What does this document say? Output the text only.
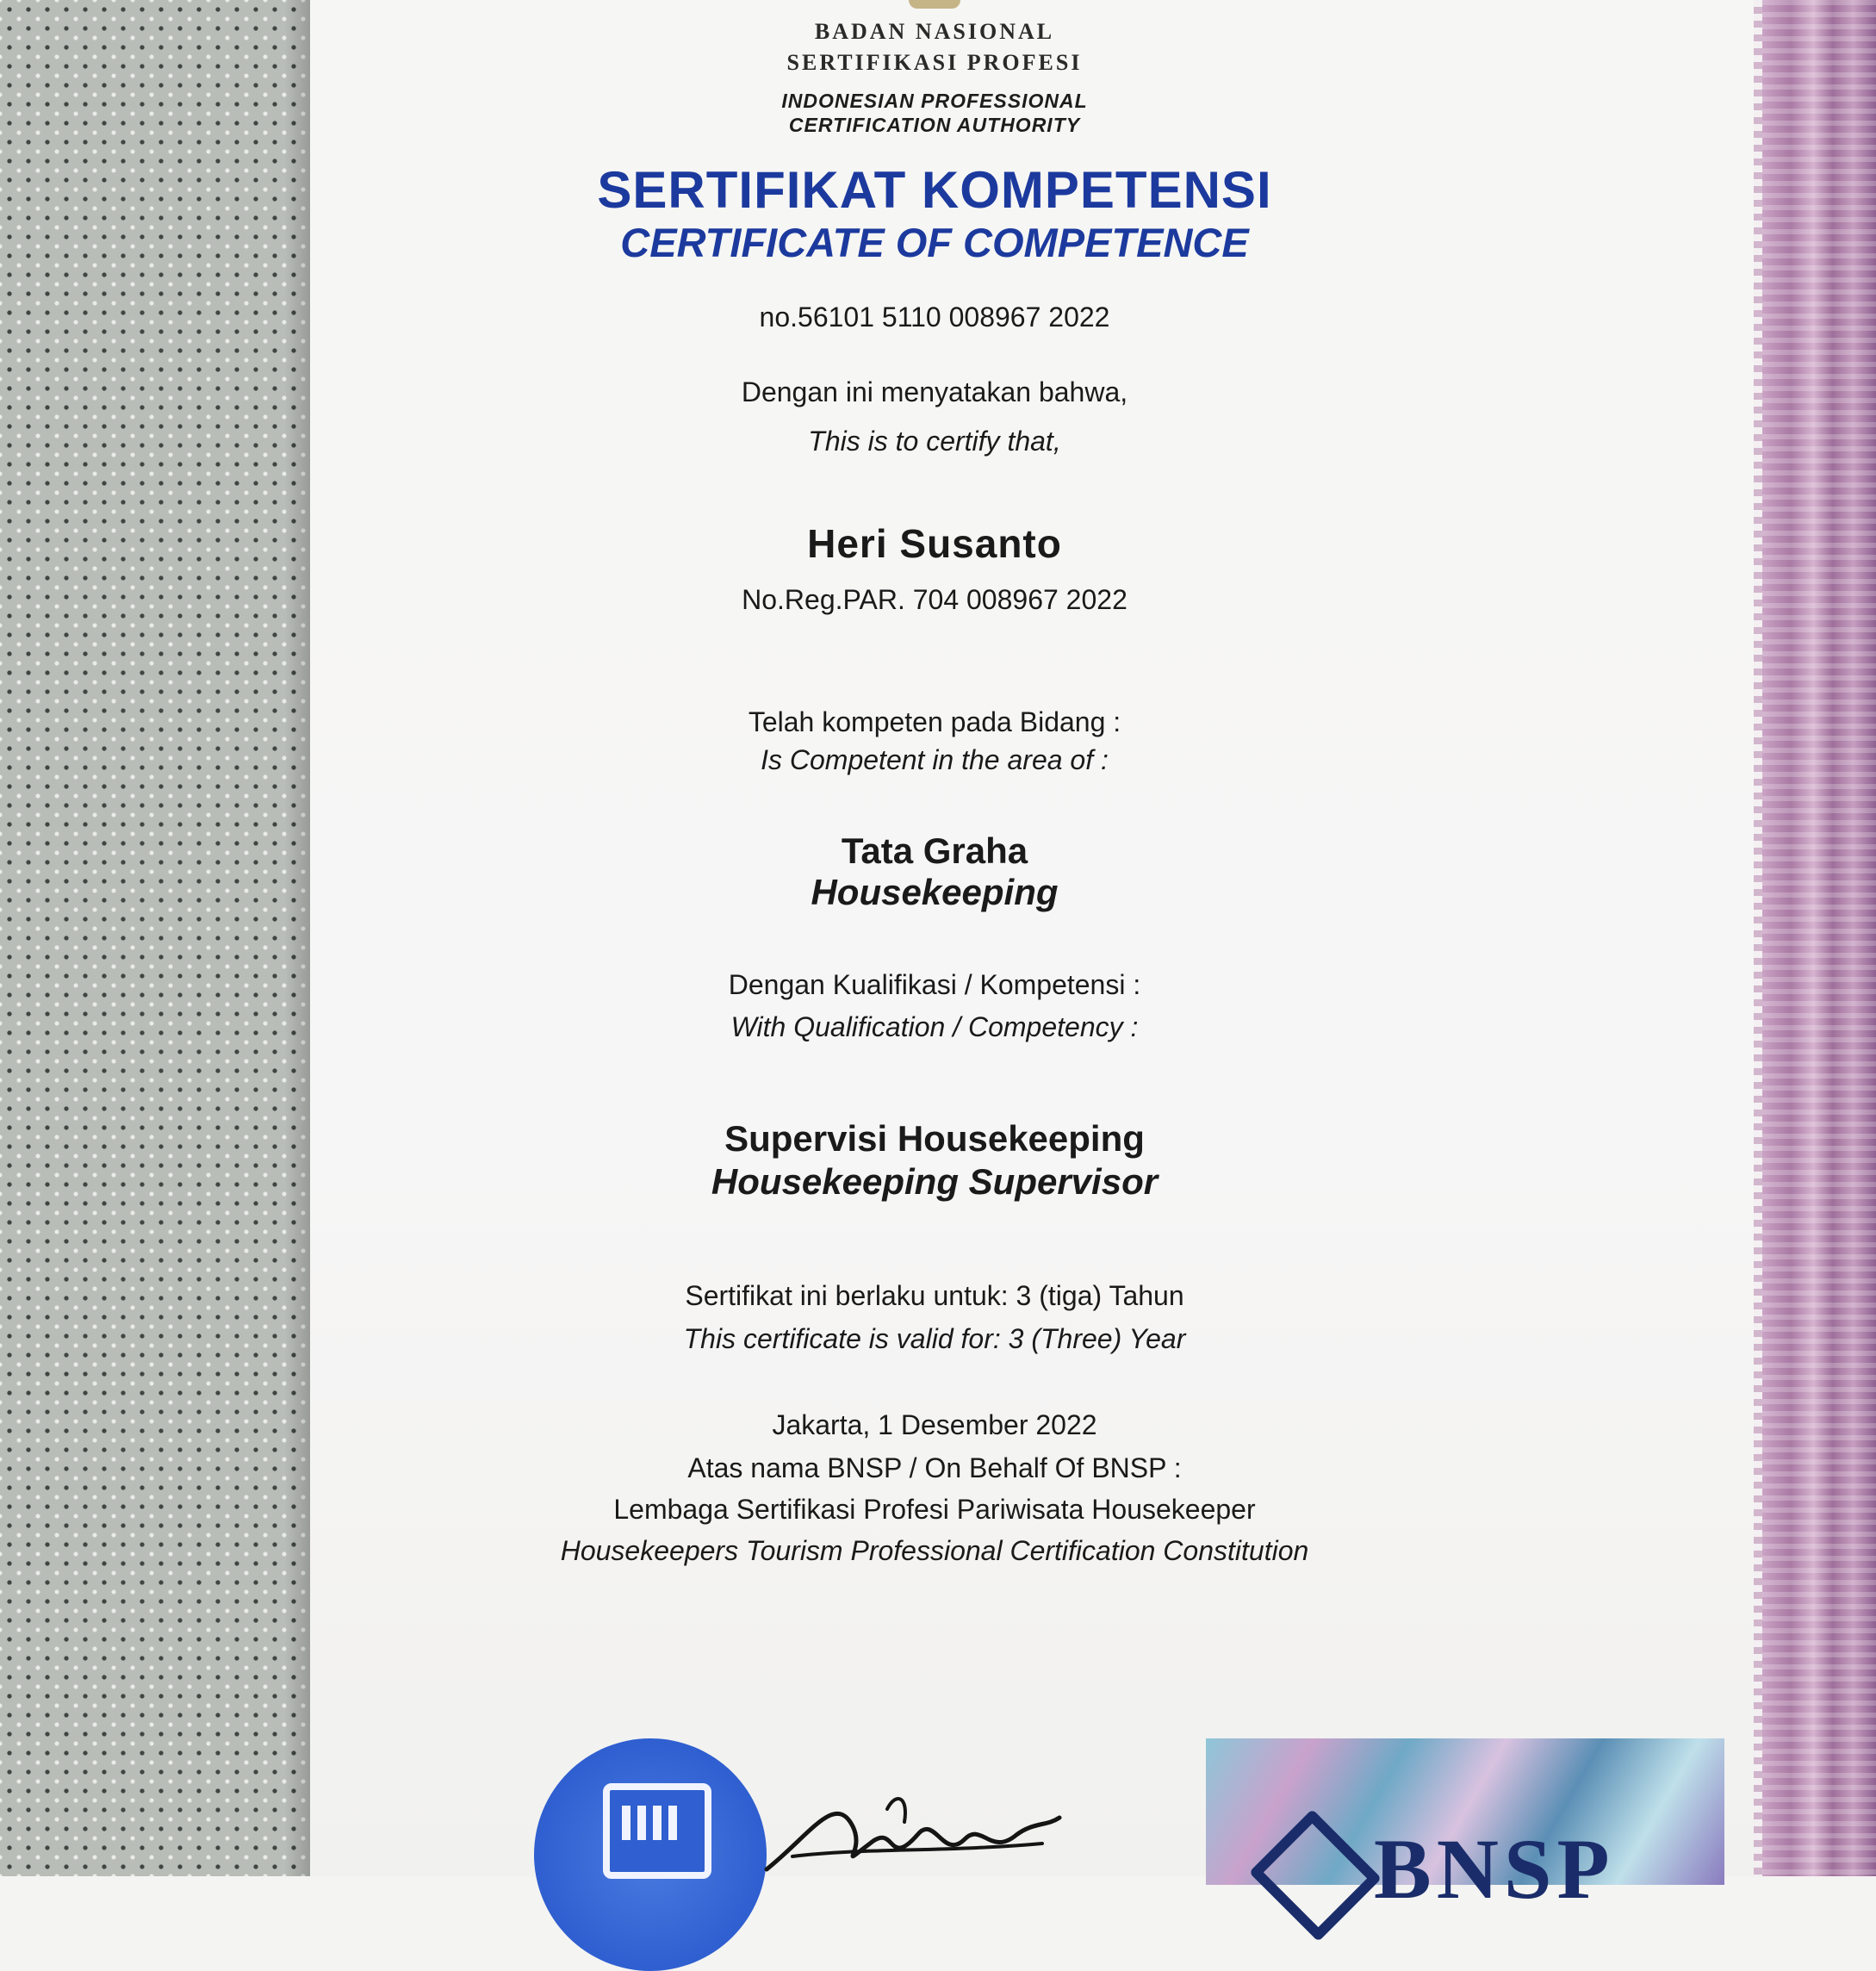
BADAN NASIONAL
SERTIFIKASI PROFESI
INDONESIAN PROFESSIONAL
CERTIFICATION AUTHORITY
SERTIFIKAT KOMPETENSI
CERTIFICATE OF COMPETENCE
no.56101 5110 008967 2022
Dengan ini menyatakan bahwa,
This is to certify that,
Heri Susanto
No.Reg.PAR. 704 008967 2022
Telah kompeten pada Bidang :
Is Competent in the area of :
Tata Graha
Housekeeping
Dengan Kualifikasi / Kompetensi :
With Qualification / Competency :
Supervisi Housekeeping
Housekeeping Supervisor
Sertifikat ini berlaku untuk: 3 (tiga) Tahun
This certificate is valid for: 3 (Three) Year
Jakarta, 1 Desember 2022
Atas nama BNSP / On Behalf Of BNSP :
Lembaga Sertifikasi Profesi Pariwisata Housekeeper
Housekeepers Tourism Professional Certification Constitution
BNSP
